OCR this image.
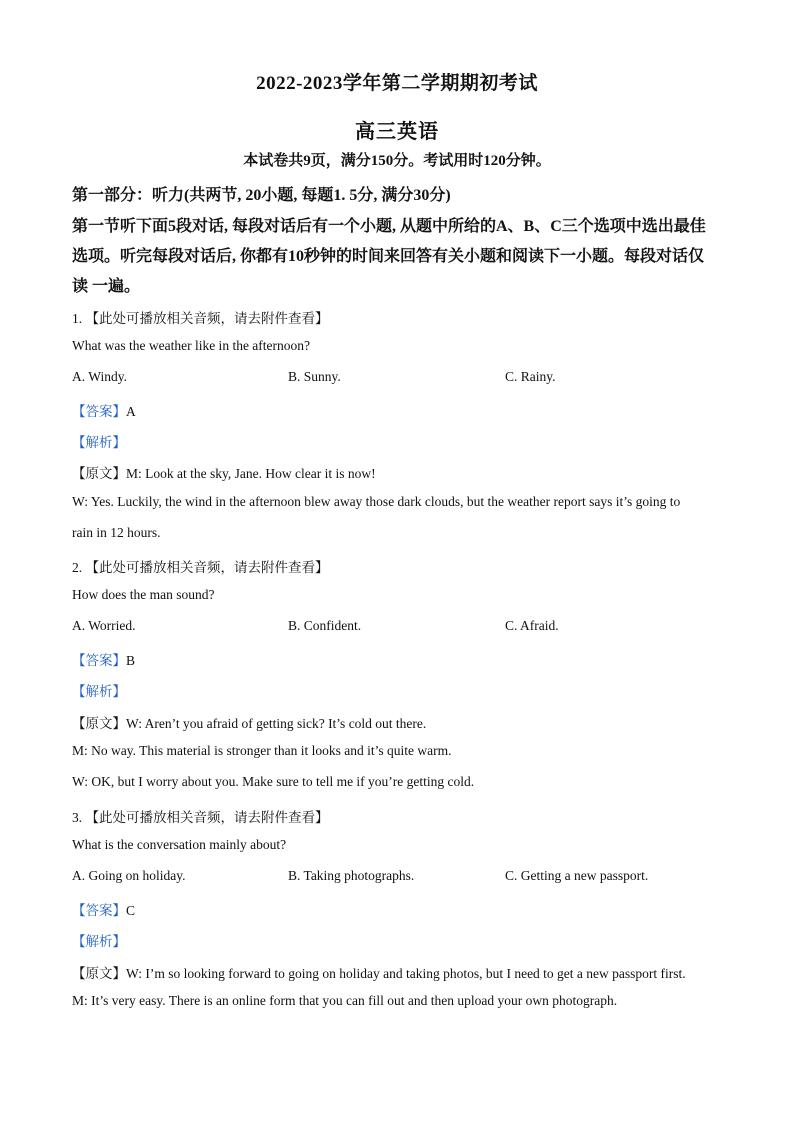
2022-2023学年第二学期期初考试
高三英语
本试卷共9页，满分150分。考试用时120分钟。
第一部分：听力(共两节, 20小题, 每题1. 5分, 满分30分)
第一节听下面5段对话, 每段对话后有一个小题, 从题中所给的A、B、C三个选项中选出最佳
选项。听完每段对话后, 你都有10秒钟的时间来回答有关小题和阅读下一小题。每段对话仅
读 一遍。
1. 【此处可播放相关音频，请去附件查看】
What was the weather like in the afternoon?
A. Windy.	B. Sunny.	C. Rainy.
【答案】A
【解析】
【原文】M: Look at the sky, Jane. How clear it is now!
W: Yes. Luckily, the wind in the afternoon blew away those dark clouds, but the weather report says it’s going to
rain in 12 hours.
2. 【此处可播放相关音频，请去附件查看】
How does the man sound?
A. Worried.	B. Confident.	C. Afraid.
【答案】B
【解析】
【原文】W: Aren’t you afraid of getting sick? It’s cold out there.
M: No way. This material is stronger than it looks and it’s quite warm.
W: OK, but I worry about you. Make sure to tell me if you’re getting cold.
3. 【此处可播放相关音频，请去附件查看】
What is the conversation mainly about?
A. Going on holiday.	B. Taking photographs.	C. Getting a new passport.
【答案】C
【解析】
【原文】W: I’m so looking forward to going on holiday and taking photos, but I need to get a new passport first.
M: It’s very easy. There is an online form that you can fill out and then upload your own photograph.
